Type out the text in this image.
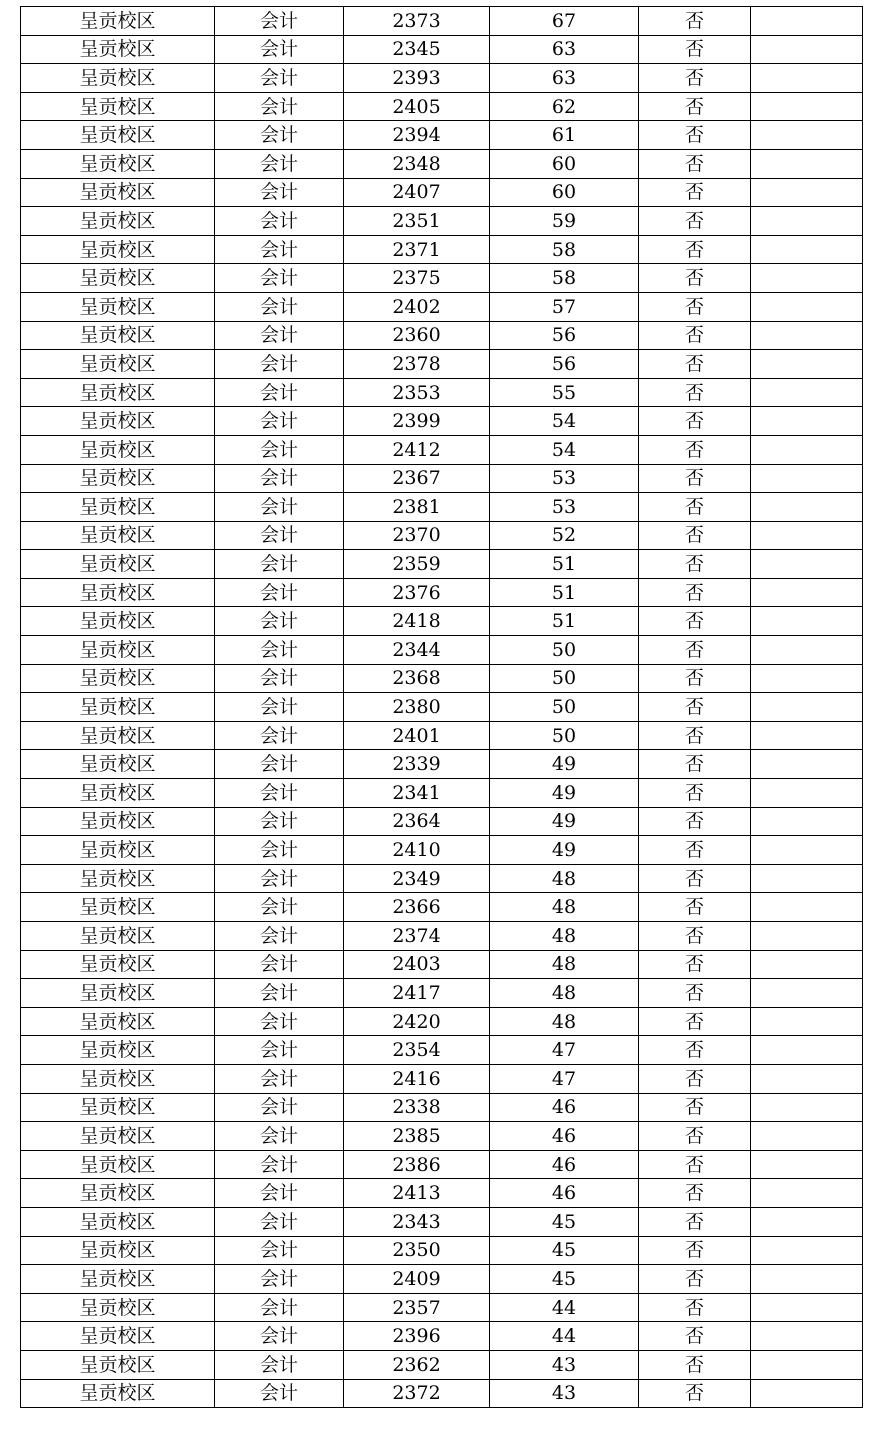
呈贡校区	会计	2373	67	否	
呈贡校区	会计	2345	63	否	
呈贡校区	会计	2393	63	否	
呈贡校区	会计	2405	62	否	
呈贡校区	会计	2394	61	否	
呈贡校区	会计	2348	60	否	
呈贡校区	会计	2407	60	否	
呈贡校区	会计	2351	59	否	
呈贡校区	会计	2371	58	否	
呈贡校区	会计	2375	58	否	
呈贡校区	会计	2402	57	否	
呈贡校区	会计	2360	56	否	
呈贡校区	会计	2378	56	否	
呈贡校区	会计	2353	55	否	
呈贡校区	会计	2399	54	否	
呈贡校区	会计	2412	54	否	
呈贡校区	会计	2367	53	否	
呈贡校区	会计	2381	53	否	
呈贡校区	会计	2370	52	否	
呈贡校区	会计	2359	51	否	
呈贡校区	会计	2376	51	否	
呈贡校区	会计	2418	51	否	
呈贡校区	会计	2344	50	否	
呈贡校区	会计	2368	50	否	
呈贡校区	会计	2380	50	否	
呈贡校区	会计	2401	50	否	
呈贡校区	会计	2339	49	否	
呈贡校区	会计	2341	49	否	
呈贡校区	会计	2364	49	否	
呈贡校区	会计	2410	49	否	
呈贡校区	会计	2349	48	否	
呈贡校区	会计	2366	48	否	
呈贡校区	会计	2374	48	否	
呈贡校区	会计	2403	48	否	
呈贡校区	会计	2417	48	否	
呈贡校区	会计	2420	48	否	
呈贡校区	会计	2354	47	否	
呈贡校区	会计	2416	47	否	
呈贡校区	会计	2338	46	否	
呈贡校区	会计	2385	46	否	
呈贡校区	会计	2386	46	否	
呈贡校区	会计	2413	46	否	
呈贡校区	会计	2343	45	否	
呈贡校区	会计	2350	45	否	
呈贡校区	会计	2409	45	否	
呈贡校区	会计	2357	44	否	
呈贡校区	会计	2396	44	否	
呈贡校区	会计	2362	43	否	
呈贡校区	会计	2372	43	否	
